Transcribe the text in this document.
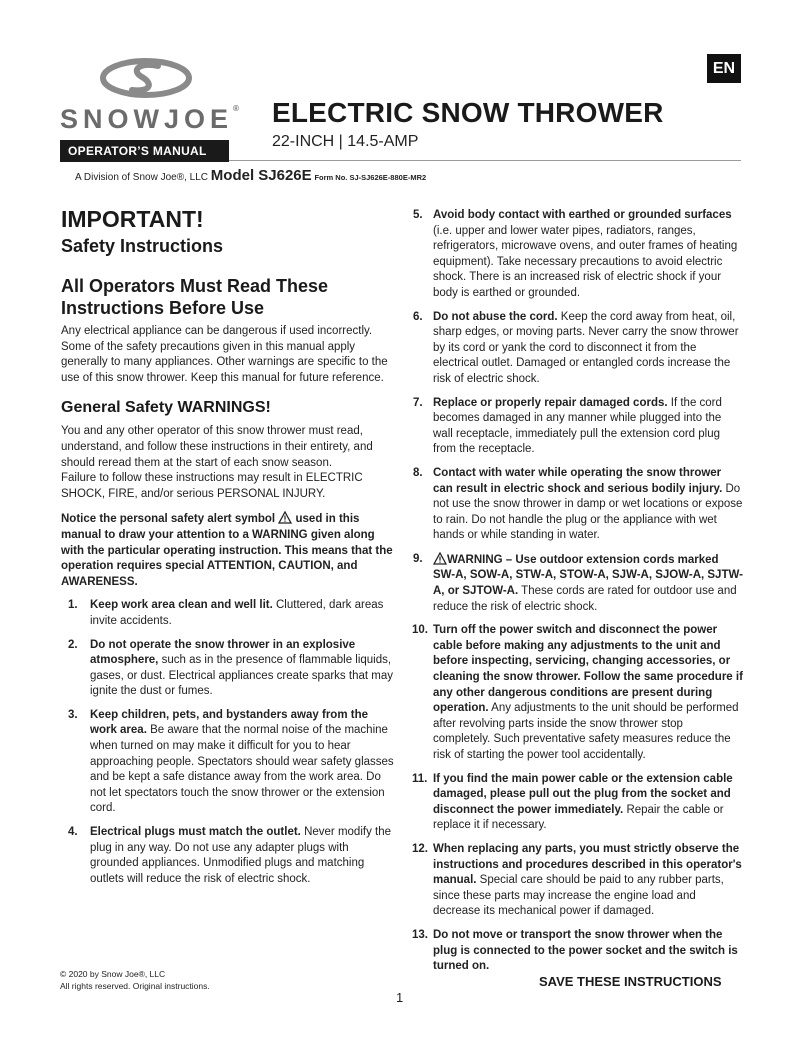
SNOWJOE®
OPERATOR’S MANUAL
ELECTRIC SNOW THROWER
22-INCH | 14.5-AMP
EN
A Division of Snow Joe®, LLC Model SJ626E Form No. SJ-SJ626E-880E-MR2
IMPORTANT!
Safety Instructions
All Operators Must Read These Instructions Before Use

Any electrical appliance can be dangerous if used incorrectly. Some of the safety precautions given in this manual apply generally to many appliances. Other warnings are specific to the use of this snow thrower. Keep this manual for future reference.

General Safety WARNINGS!

You and any other operator of this snow thrower must read, understand, and follow these instructions in their entirety, and should reread them at the start of each snow season.

Failure to follow these instructions may result in ELECTRIC SHOCK, FIRE, and/or serious PERSONAL INJURY.

Notice the personal safety alert symbol used in this manual to draw your attention to a WARNING given along with the particular operating instruction. This means that the operation requires special ATTENTION, CAUTION, and AWARENESS.

1. Keep work area clean and well lit. Cluttered, dark areas invite accidents.
2. Do not operate the snow thrower in an explosive atmosphere, such as in the presence of flammable liquids, gases, or dust. Electrical appliances create sparks that may ignite the dust or fumes.
3. Keep children, pets, and bystanders away from the work area. Be aware that the normal noise of the machine when turned on may make it difficult for you to hear approaching people. Spectators should wear safety glasses and be kept a safe distance away from the work area. Do not let spectators touch the snow thrower or the extension cord.
4. Electrical plugs must match the outlet. Never modify the plug in any way. Do not use any adapter plugs with grounded appliances. Unmodified plugs and matching outlets will reduce the risk of electric shock.
5. Avoid body contact with earthed or grounded surfaces (i.e. upper and lower water pipes, radiators, ranges, refrigerators, microwave ovens, and outer frames of heating equipment). Take necessary precautions to avoid electric shock. There is an increased risk of electric shock if your body is earthed or grounded.
6. Do not abuse the cord. Keep the cord away from heat, oil, sharp edges, or moving parts. Never carry the snow thrower by its cord or yank the cord to disconnect it from the electrical outlet. Damaged or entangled cords increase the risk of electric shock.
7. Replace or properly repair damaged cords. If the cord becomes damaged in any manner while plugged into the wall receptacle, immediately pull the extension cord plug from the receptacle.
8. Contact with water while operating the snow thrower can result in electric shock and serious bodily injury. Do not use the snow thrower in damp or wet locations or expose to rain. Do not handle the plug or the appliance with wet hands or while standing in water.
9. WARNING – Use outdoor extension cords marked SW-A, SOW-A, STW-A, STOW-A, SJW-A, SJOW-A, SJTW-A, or SJTOW-A. These cords are rated for outdoor use and reduce the risk of electric shock.
10. Turn off the power switch and disconnect the power cable before making any adjustments to the unit and before inspecting, servicing, changing accessories, or cleaning the snow thrower. Follow the same procedure if any other dangerous conditions are present during operation. Any adjustments to the unit should be performed after revolving parts inside the snow thrower stop completely. Such preventative safety measures reduce the risk of starting the power tool accidentally.
11. If you find the main power cable or the extension cable damaged, please pull out the plug from the socket and disconnect the power immediately. Repair the cable or replace it if necessary.
12. When replacing any parts, you must strictly observe the instructions and procedures described in this operator's manual. Special care should be paid to any rubber parts, since these parts may increase the engine load and decrease its mechanical power if damaged.
13. Do not move or transport the snow thrower when the plug is connected to the power socket and the switch is turned on.
© 2020 by Snow Joe®, LLC
All rights reserved. Original instructions.	SAVE THESE INSTRUCTIONS
1
